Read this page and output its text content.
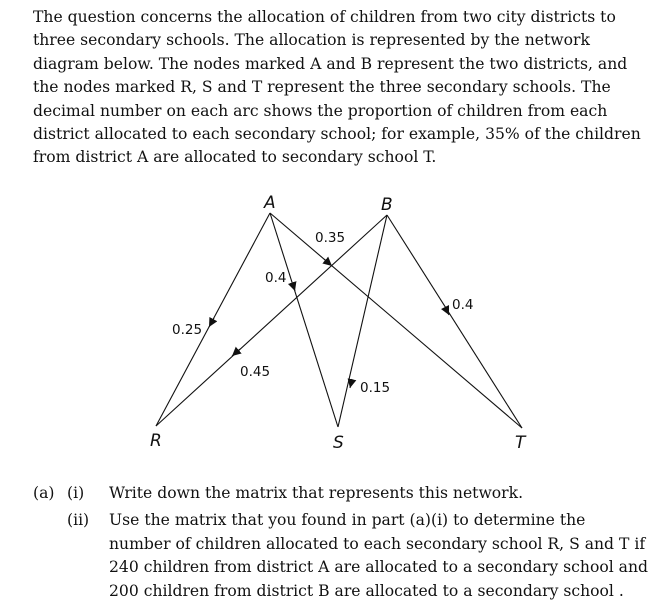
The question concerns the allocation of children from two city districts to
three secondary schools. The allocation is represented by the network
diagram below. The nodes marked A and B represent the two districts, and
the nodes marked R, S and T represent the three secondary schools. The
decimal number on each arc shows the proportion of children from each
district allocated to each secondary school; for example, 35% of the children
from district A are allocated to secondary school T.
A	B
R	S	T
0.25
0.4
0.35
0.45
0.15
0.4
(a) (i) Write down the matrix that represents this network.
(ii) Use the matrix that you found in part (a)(i) to determine the
number of children allocated to each secondary school R, S and T if
240 children from district A are allocated to a secondary school and
200 children from district B are allocated to a secondary school .
